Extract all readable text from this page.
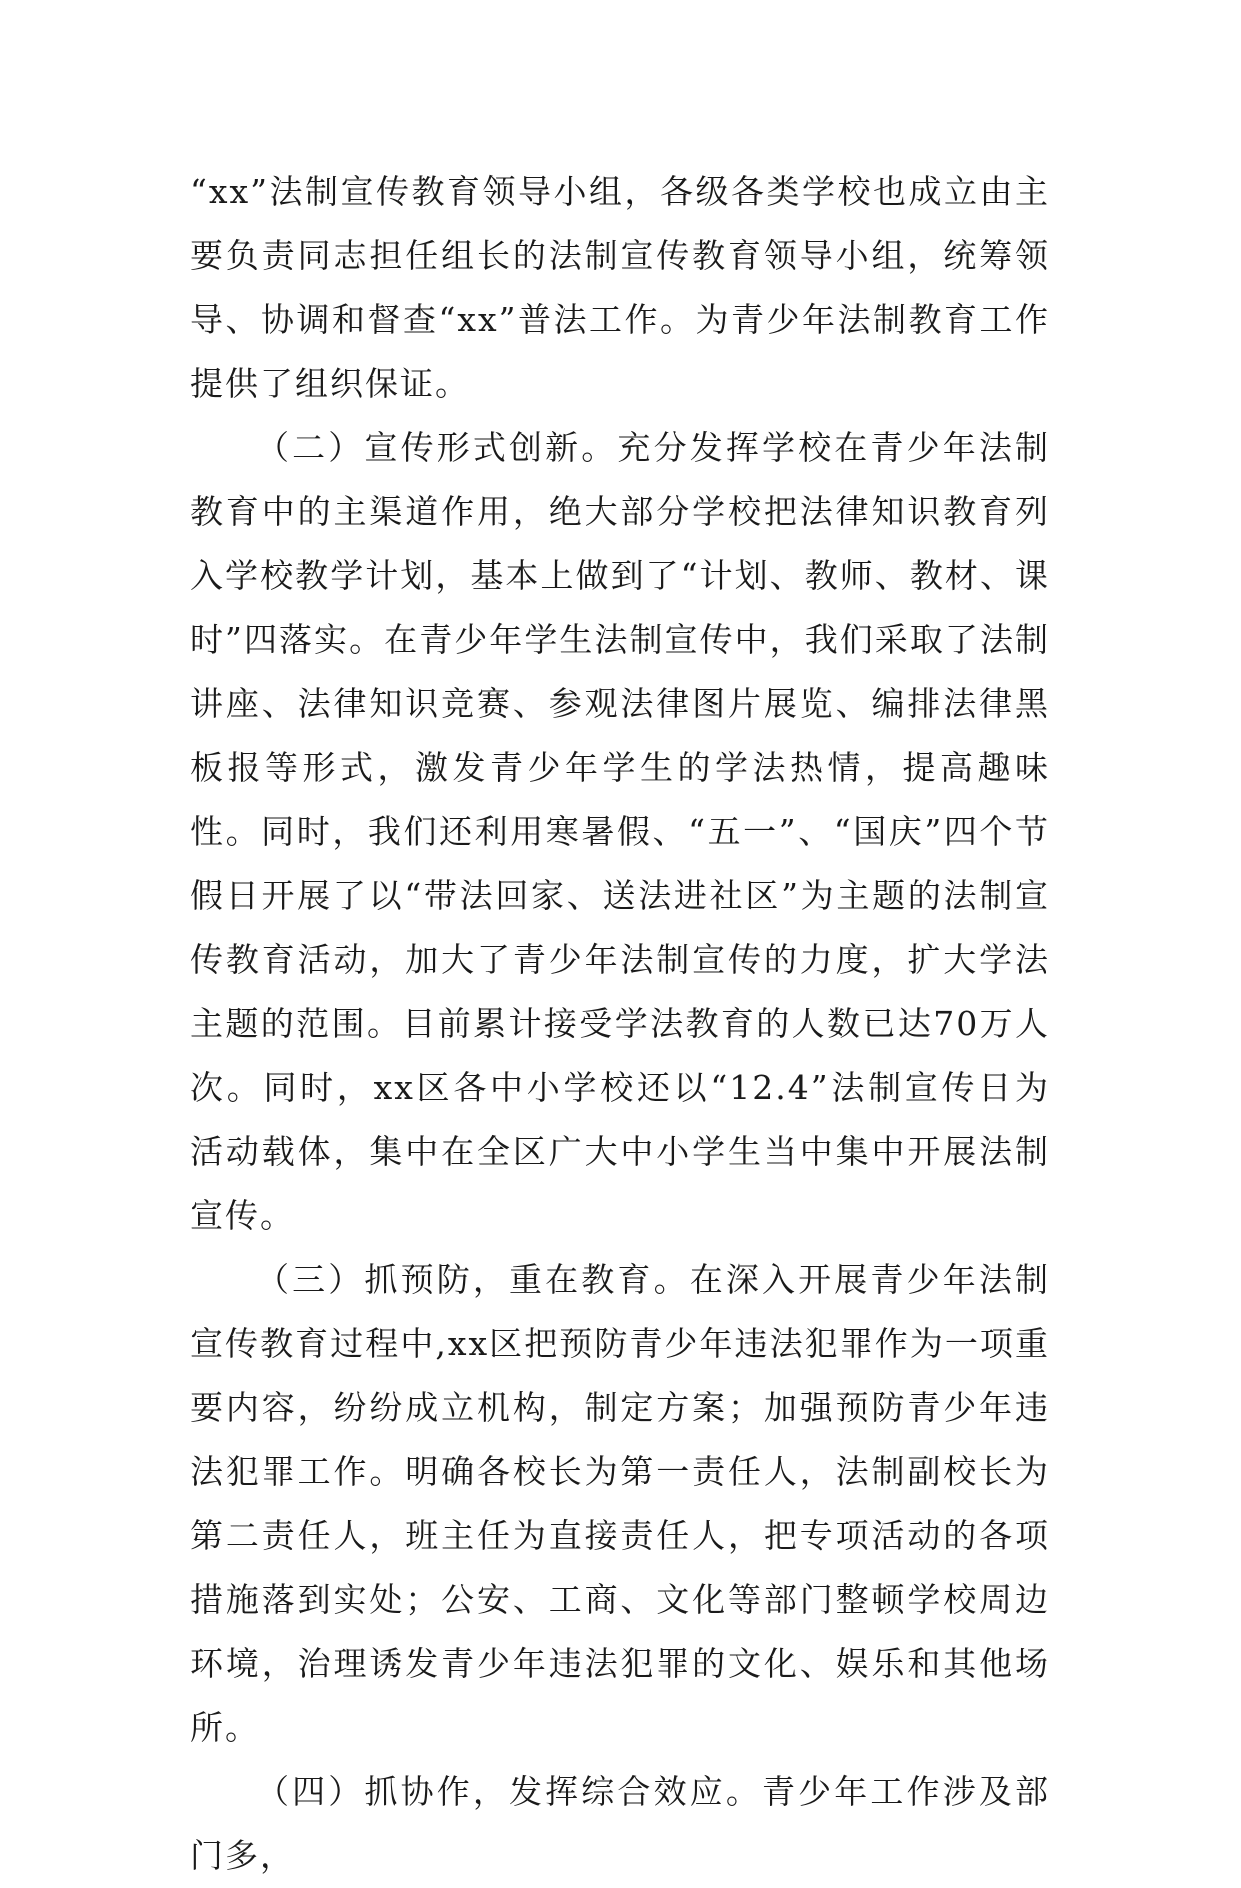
“xx”法制宣传教育领导小组，各级各类学校也成立由主要负责同志担任组长的法制宣传教育领导小组，统筹领导、协调和督查“xx”普法工作。为青少年法制教育工作提供了组织保证。

（二）宣传形式创新。充分发挥学校在青少年法制教育中的主渠道作用，绝大部分学校把法律知识教育列入学校教学计划，基本上做到了“计划、教师、教材、课时”四落实。在青少年学生法制宣传中，我们采取了法制讲座、法律知识竞赛、参观法律图片展览、编排法律黑板报等形式，激发青少年学生的学法热情，提高趣味性。同时，我们还利用寒暑假、“五一”、“国庆”四个节假日开展了以“带法回家、送法进社区”为主题的法制宣传教育活动，加大了青少年法制宣传的力度，扩大学法主题的范围。目前累计接受学法教育的人数已达70万人次。同时，xx区各中小学校还以“12.4”法制宣传日为活动载体，集中在全区广大中小学生当中集中开展法制宣传。

（三）抓预防，重在教育。在深入开展青少年法制宣传教育过程中,xx区把预防青少年违法犯罪作为一项重要内容，纷纷成立机构，制定方案；加强预防青少年违法犯罪工作。明确各校长为第一责任人，法制副校长为第二责任人，班主任为直接责任人，把专项活动的各项措施落到实处；公安、工商、文化等部门整顿学校周边环境，治理诱发青少年违法犯罪的文化、娱乐和其他场所。

（四）抓协作，发挥综合效应。青少年工作涉及部门多，
